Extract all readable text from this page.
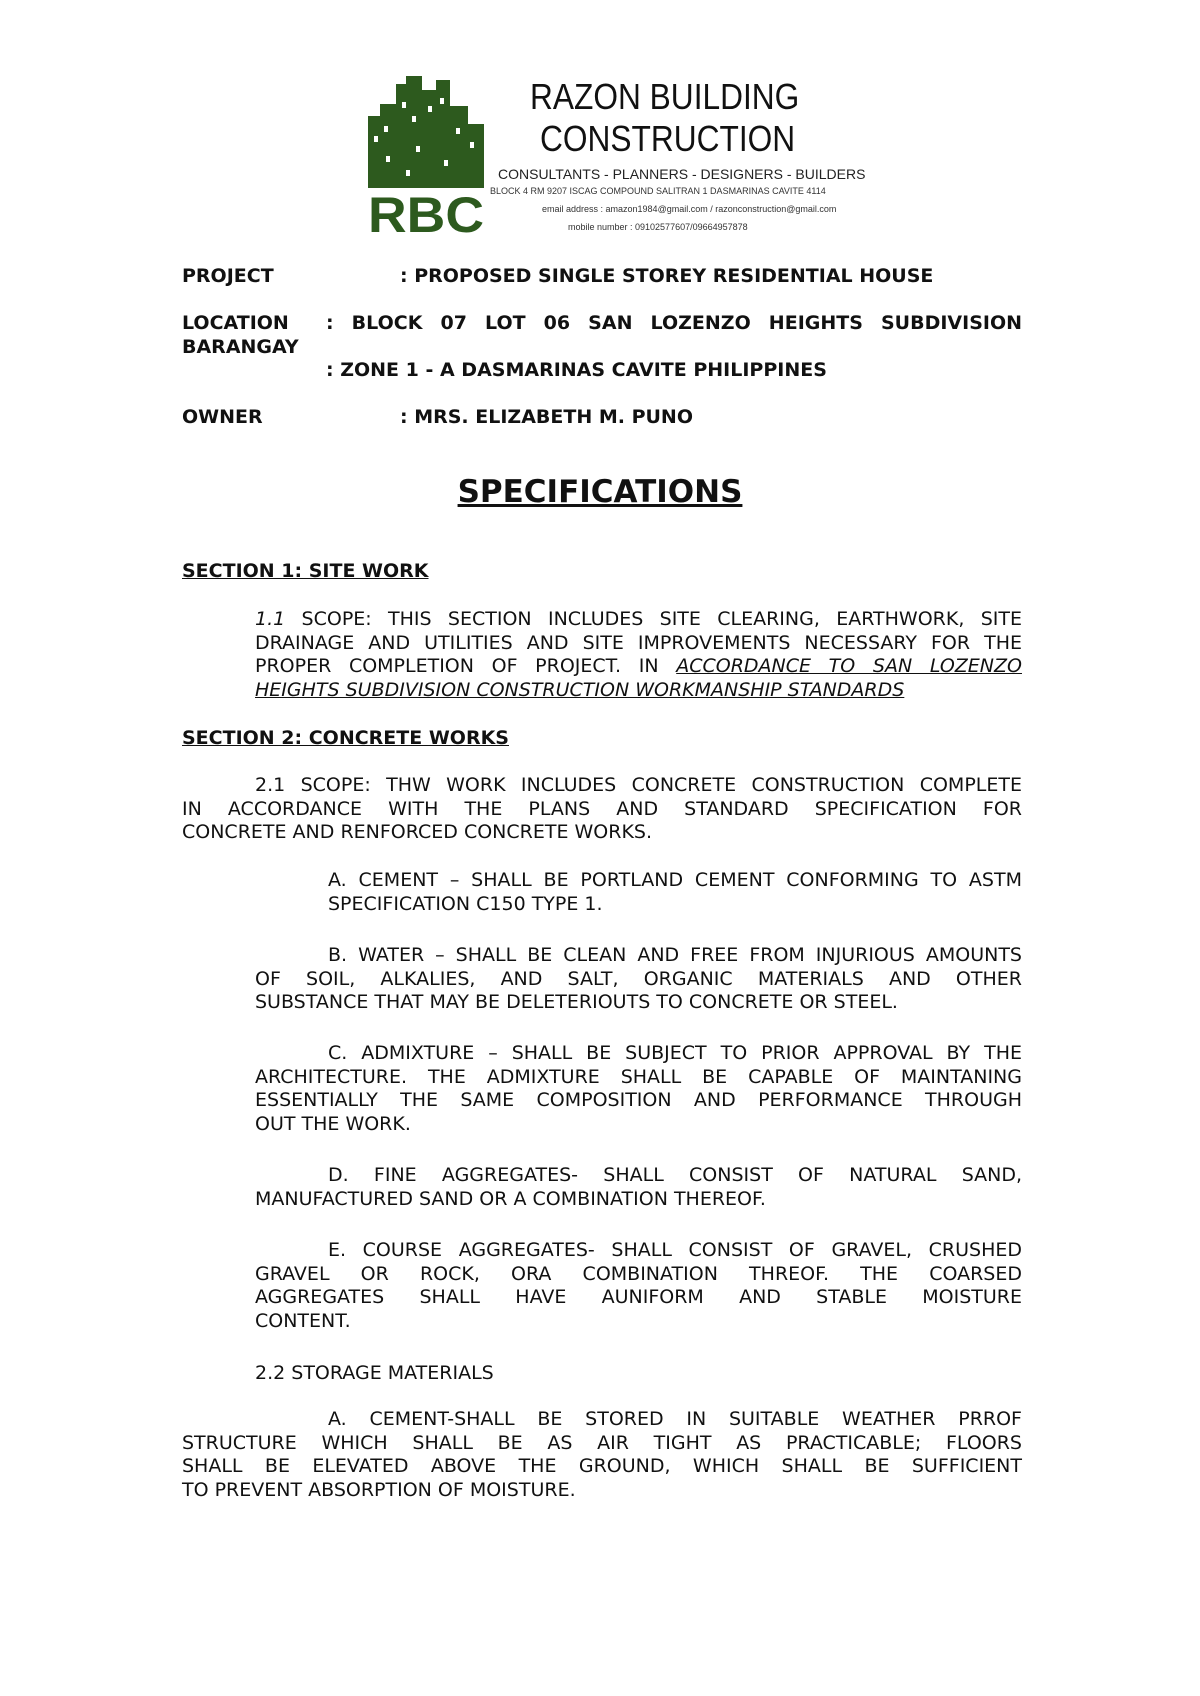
RBC
RAZON BUILDING
CONSTRUCTION
CONSULTANTS - PLANNERS - DESIGNERS - BUILDERS
BLOCK 4 RM 9207 ISCAG COMPOUND SALITRAN 1 DASMARINAS CAVITE 4114
email address : amazon1984@gmail.com / razonconstruction@gmail.com
mobile number : 09102577607/09664957878
PROJECT	: PROPOSED SINGLE STOREY RESIDENTIAL HOUSE
LOCATION : BLOCK 07 LOT 06 SAN LOZENZO HEIGHTS SUBDIVISION
BARANGAY
: ZONE 1 - A DASMARINAS CAVITE PHILIPPINES
OWNER	: MRS. ELIZABETH M. PUNO
SPECIFICATIONS
SECTION 1: SITE WORK
1.1 SCOPE: THIS SECTION INCLUDES SITE CLEARING, EARTHWORK, SITE
DRAINAGE AND UTILITIES AND SITE IMPROVEMENTS NECESSARY FOR THE
PROPER COMPLETION OF PROJECT. IN ACCORDANCE TO SAN LOZENZO
HEIGHTS SUBDIVISION CONSTRUCTION WORKMANSHIP STANDARDS
SECTION 2: CONCRETE WORKS
2.1 SCOPE: THW WORK INCLUDES CONCRETE CONSTRUCTION COMPLETE
IN ACCORDANCE WITH THE PLANS AND STANDARD SPECIFICATION FOR
CONCRETE AND RENFORCED CONCRETE WORKS.
A. CEMENT – SHALL BE PORTLAND CEMENT CONFORMING TO ASTM
SPECIFICATION C150 TYPE 1.
B. WATER – SHALL BE CLEAN AND FREE FROM INJURIOUS AMOUNTS
OF SOIL, ALKALIES, AND SALT, ORGANIC MATERIALS AND OTHER
SUBSTANCE THAT MAY BE DELETERIOUTS TO CONCRETE OR STEEL.
C. ADMIXTURE – SHALL BE SUBJECT TO PRIOR APPROVAL BY THE
ARCHITECTURE. THE ADMIXTURE SHALL BE CAPABLE OF MAINTANING
ESSENTIALLY THE SAME COMPOSITION AND PERFORMANCE THROUGH
OUT THE WORK.
D. FINE AGGREGATES- SHALL CONSIST OF NATURAL SAND,
MANUFACTURED SAND OR A COMBINATION THEREOF.
E. COURSE AGGREGATES- SHALL CONSIST OF GRAVEL, CRUSHED
GRAVEL OR ROCK, ORA COMBINATION THREOF. THE COARSED
AGGREGATES SHALL HAVE AUNIFORM AND STABLE MOISTURE
CONTENT.
2.2 STORAGE MATERIALS
A. CEMENT-SHALL BE STORED IN SUITABLE WEATHER PRROF
STRUCTURE WHICH SHALL BE AS AIR TIGHT AS PRACTICABLE; FLOORS
SHALL BE ELEVATED ABOVE THE GROUND, WHICH SHALL BE SUFFICIENT
TO PREVENT ABSORPTION OF MOISTURE.
